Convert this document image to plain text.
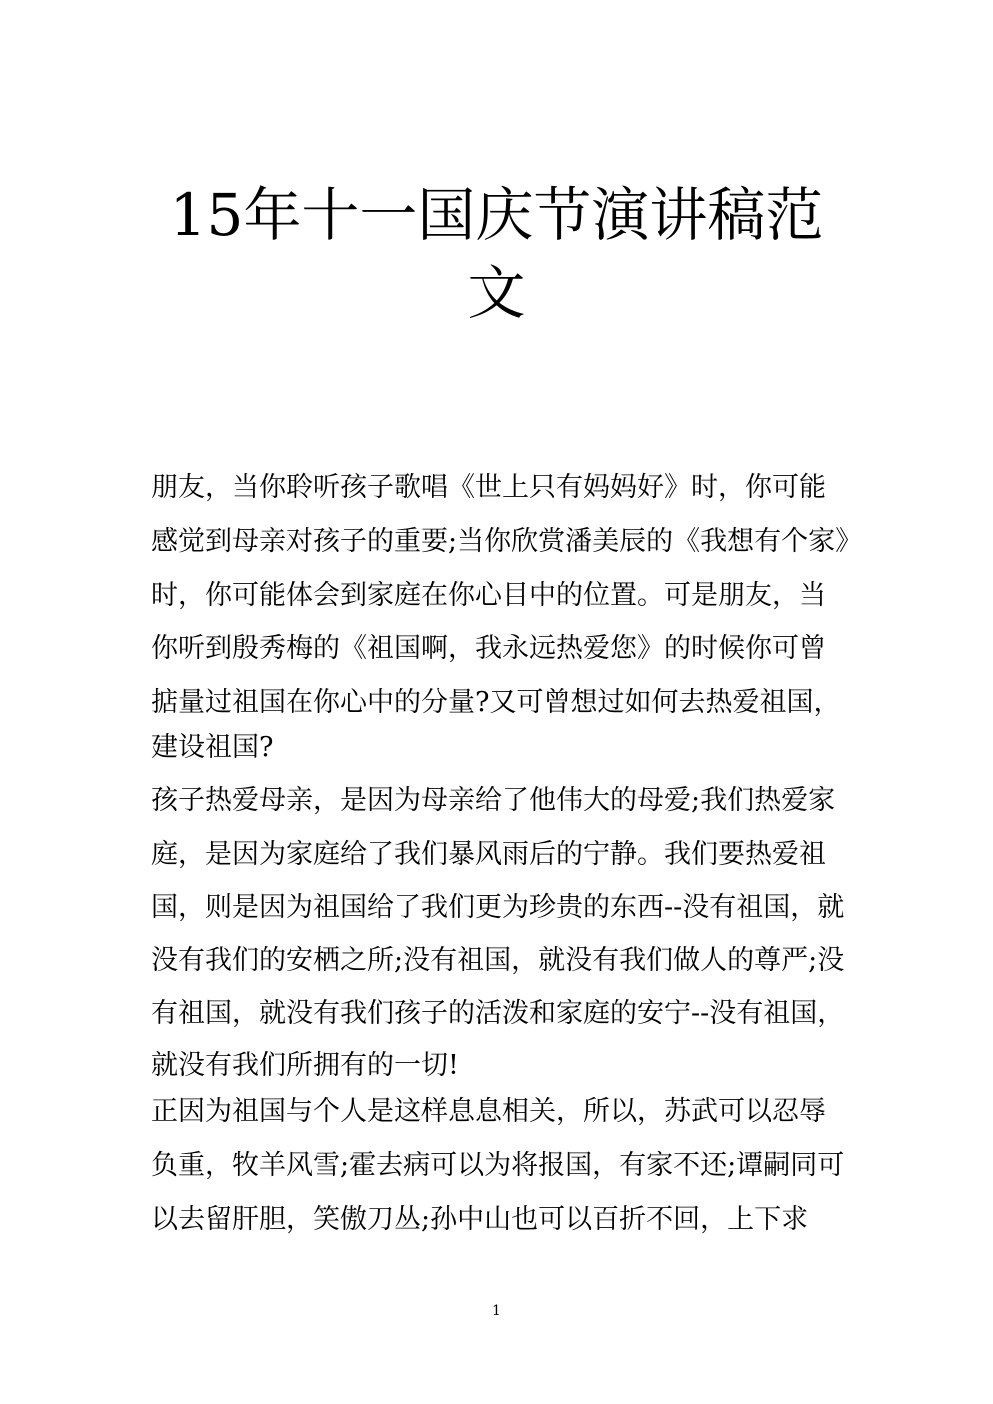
15年十一国庆节演讲稿范
文
朋友，当你聆听孩子歌唱《世上只有妈妈好》时，你可能
感觉到母亲对孩子的重要;当你欣赏潘美辰的《我想有个家》
时，你可能体会到家庭在你心目中的位置。可是朋友，当
你听到殷秀梅的《祖国啊，我永远热爱您》的时候你可曾
掂量过祖国在你心中的分量?又可曾想过如何去热爱祖国，
建设祖国?
孩子热爱母亲，是因为母亲给了他伟大的母爱;我们热爱家
庭，是因为家庭给了我们暴风雨后的宁静。我们要热爱祖
国，则是因为祖国给了我们更为珍贵的东西--没有祖国，就
没有我们的安栖之所;没有祖国，就没有我们做人的尊严;没
有祖国，就没有我们孩子的活泼和家庭的安宁--没有祖国，
就没有我们所拥有的一切!
正因为祖国与个人是这样息息相关，所以，苏武可以忍辱
负重，牧羊风雪;霍去病可以为将报国，有家不还;谭嗣同可
以去留肝胆，笑傲刀丛;孙中山也可以百折不回，上下求
1
